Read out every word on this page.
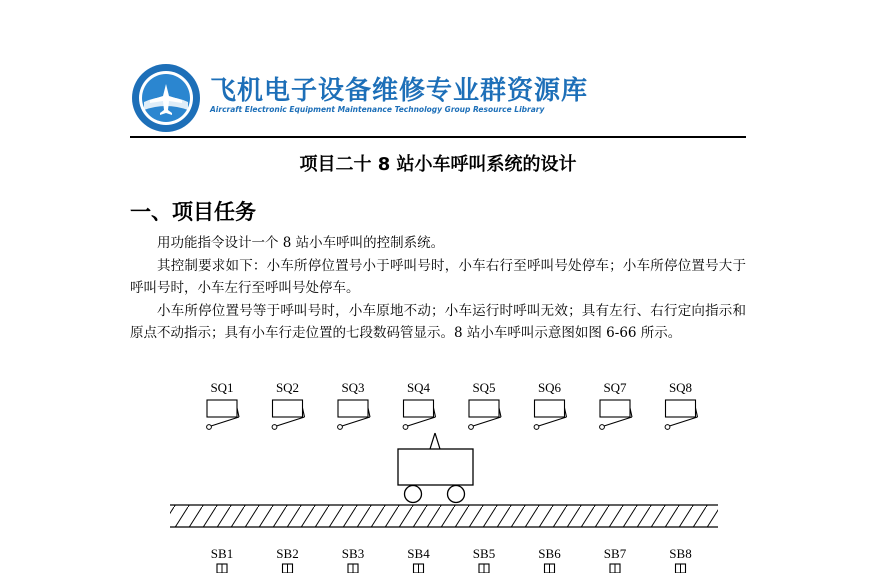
飞机电子设备维修专业群资源库
Aircraft Electronic Equipment Maintenance Technology Group Resource Library
项目二十 8 站小车呼叫系统的设计
一、项目任务

用功能指令设计一个 8 站小车呼叫的控制系统。

其控制要求如下：小车所停位置号小于呼叫号时，小车右行至呼叫号处停车；小车所停位置号大于呼叫号时，小车左行至呼叫号处停车。

小车所停位置号等于呼叫号时，小车原地不动；小车运行时呼叫无效；具有左行、右行定向指示和原点不动指示；具有小车行走位置的七段数码管显示。8 站小车呼叫示意图如图 6-66 所示。

SQ1	SQ2	SQ3	SQ4	SQ5	SQ6	SQ7	SQ8
SB1	SB2	SB3	SB4	SB5	SB6	SB7	SB8
